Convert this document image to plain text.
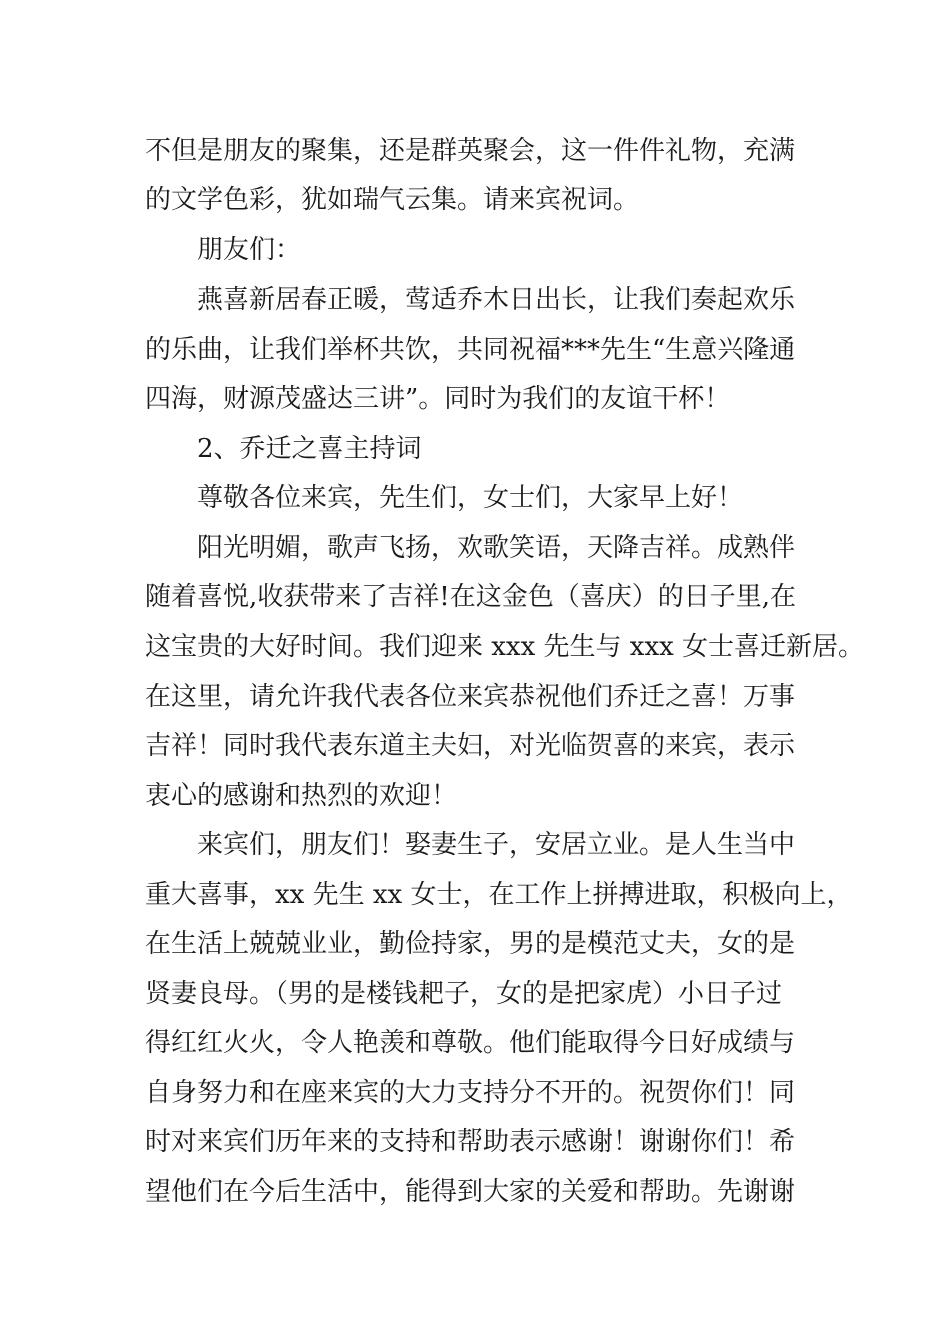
不但是朋友的聚集，还是群英聚会，这一件件礼物，充满
的文学色彩，犹如瑞气云集。请来宾祝词。
朋友们：
燕喜新居春正暖，莺适乔木日出长，让我们奏起欢乐
的乐曲，让我们举杯共饮，共同祝福***先生“生意兴隆通
四海，财源茂盛达三讲”。同时为我们的友谊干杯！
2、乔迁之喜主持词
尊敬各位来宾，先生们，女士们，大家早上好！
阳光明媚，歌声飞扬，欢歌笑语，天降吉祥。成熟伴
随着喜悦,收获带来了吉祥!在这金色（喜庆）的日子里,在
这宝贵的大好时间。我们迎来 xxx 先生与 xxx 女士喜迁新居。
在这里，请允许我代表各位来宾恭祝他们乔迁之喜！万事
吉祥！同时我代表东道主夫妇，对光临贺喜的来宾，表示
衷心的感谢和热烈的欢迎！
来宾们，朋友们！娶妻生子，安居立业。是人生当中
重大喜事，xx 先生 xx 女士，在工作上拼搏进取，积极向上，
在生活上兢兢业业，勤俭持家，男的是模范丈夫，女的是
贤妻良母。（男的是楼钱耙子，女的是把家虎）小日子过
得红红火火，令人艳羡和尊敬。他们能取得今日好成绩与
自身努力和在座来宾的大力支持分不开的。祝贺你们！同
时对来宾们历年来的支持和帮助表示感谢！谢谢你们！希
望他们在今后生活中，能得到大家的关爱和帮助。先谢谢
